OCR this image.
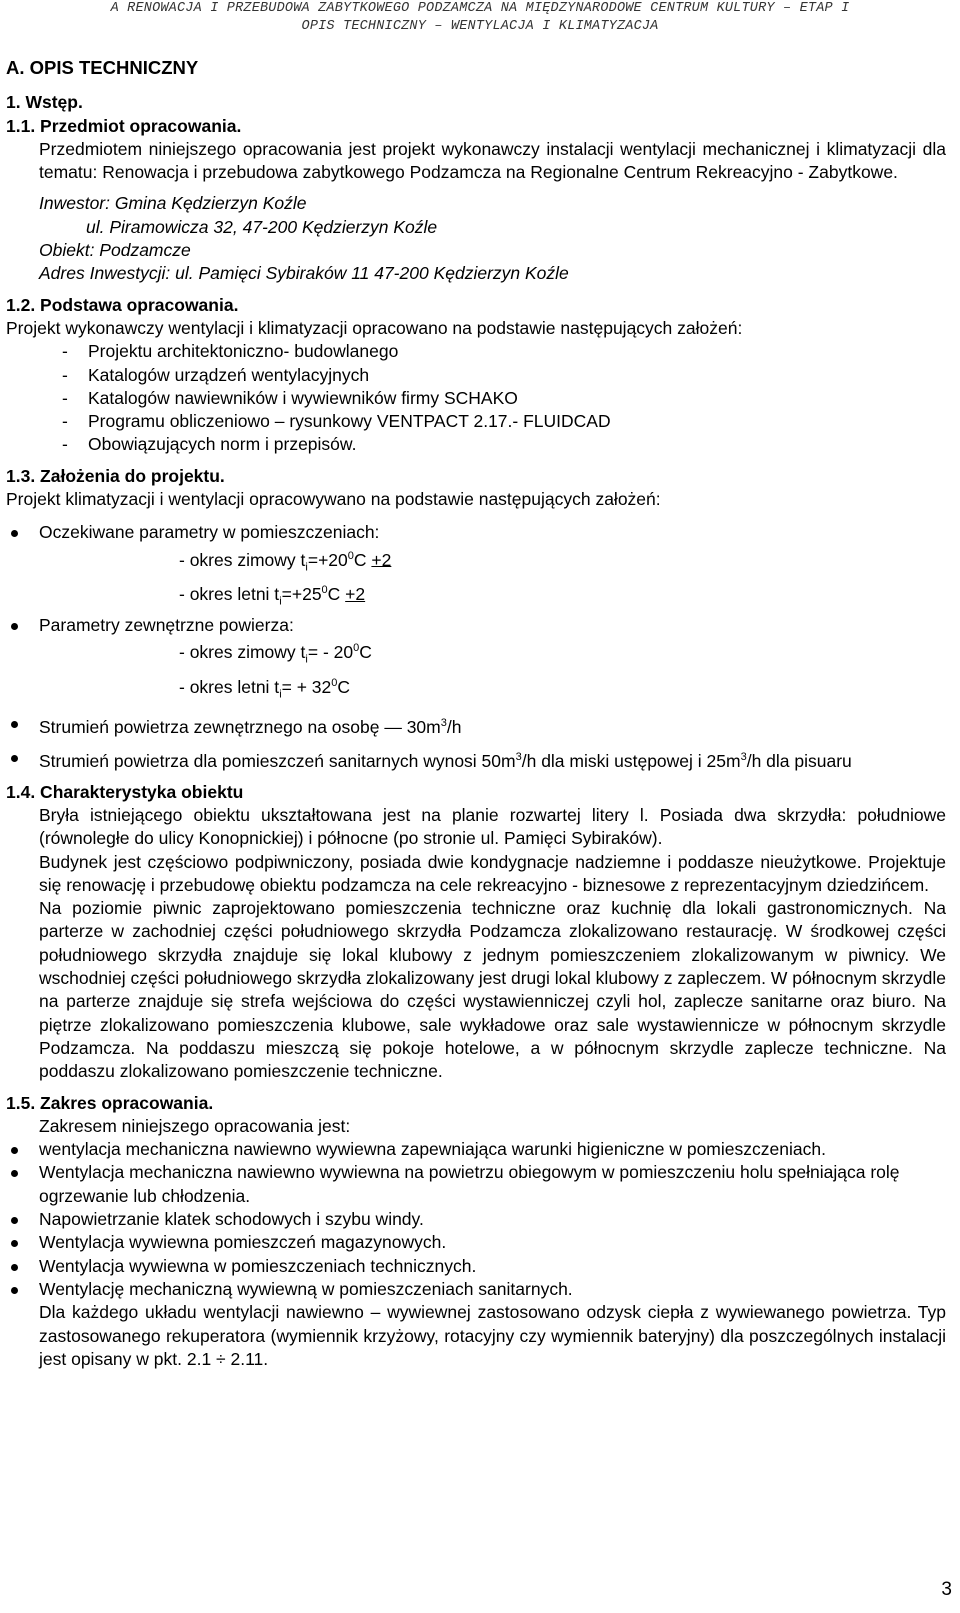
A RENOWACJA I PRZEBUDOWA ZABYTKOWEGO PODZAMCZA NA MIĘDZYNARODOWE CENTRUM KULTURY – ETAP I
OPIS TECHNICZNY – WENTYLACJA I KLIMATYZACJA
A. OPIS TECHNICZNY
1. Wstęp.
1.1. Przedmiot opracowania.

Przedmiotem niniejszego opracowania jest projekt wykonawczy instalacji wentylacji mechanicznej i klimatyzacji dla tematu: Renowacja i przebudowa zabytkowego Podzamcza na Regionalne Centrum Rekreacyjno - Zabytkowe.

Inwestor: Gmina Kędzierzyn Koźle
ul. Piramowicza 32, 47-200 Kędzierzyn Koźle
Obiekt: Podzamcze
Adres Inwestycji: ul. Pamięci Sybiraków 11 47-200 Kędzierzyn Koźle
1.2. Podstawa opracowania.
Projekt wykonawczy wentylacji i klimatyzacji opracowano na podstawie następujących założeń:
- Projektu architektoniczno- budowlanego
- Katalogów urządzeń wentylacyjnych
- Katalogów nawiewników i wywiewników firmy SCHAKO
- Programu obliczeniowo – rysunkowy VENTPACT 2.17.- FLUIDCAD
- Obowiązujących norm i przepisów.
1.3. Założenia do projektu.
Projekt klimatyzacji i wentylacji opracowywano na podstawie następujących założeń:
Oczekiwane parametry w pomieszczeniach:
- okres zimowy $t_i=+20^0C +2$
- okres letni $t_i=+25^0C +2$
Parametry zewnętrzne powierza:
- okres zimowy $t_i= - 20^0C$
- okres letni $t_i= + 32^0C$
Strumień powietrza zewnętrznego na osobę — $30m^3/h$
Strumień powietrza dla pomieszczeń sanitarnych wynosi $50m^3/h$ dla miski ustępowej i $25m^3/h$ dla pisuaru
1.4. Charakterystyka obiektu

Bryła istniejącego obiektu ukształtowana jest na planie rozwartej litery l. Posiada dwa skrzydła: południowe (równoległe do ulicy Konopnickiej) i północne (po stronie ul. Pamięci Sybiraków).

Budynek jest częściowo podpiwniczony, posiada dwie kondygnacje nadziemne i poddasze nieużytkowe. Projektuje się renowację i przebudowę obiektu podzamcza na cele rekreacyjno - biznesowe z reprezentacyjnym dziedzińcem.

Na poziomie piwnic zaprojektowano pomieszczenia techniczne oraz kuchnię dla lokali gastronomicznych. Na parterze w zachodniej części południowego skrzydła Podzamcza zlokalizowano restaurację. W środkowej części południowego skrzydła znajduje się lokal klubowy z jednym pomieszczeniem zlokalizowanym w piwnicy. We wschodniej części południowego skrzydła zlokalizowany jest drugi lokal klubowy z zapleczem. W północnym skrzydle na parterze znajduje się strefa wejściowa do części wystawienniczej czyli hol, zaplecze sanitarne oraz biuro. Na piętrze zlokalizowano pomieszczenia klubowe, sale wykładowe oraz sale wystawiennicze w północnym skrzydle Podzamcza. Na poddaszu mieszczą się pokoje hotelowe, a w północnym skrzydle zaplecze techniczne. Na poddaszu zlokalizowano pomieszczenie techniczne.

1.5. Zakres opracowania.
Zakresem niniejszego opracowania jest:
wentylacja mechaniczna nawiewno wywiewna zapewniająca warunki higieniczne w pomieszczeniach.
Wentylacja mechaniczna nawiewno wywiewna na powietrzu obiegowym w pomieszczeniu holu spełniająca rolę ogrzewanie lub chłodzenia.
Napowietrzanie klatek schodowych i szybu windy.
Wentylacja wywiewna pomieszczeń magazynowych.
Wentylacja wywiewna w pomieszczeniach technicznych.
Wentylację mechaniczną wywiewną w pomieszczeniach sanitarnych.

Dla każdego układu wentylacji nawiewno – wywiewnej zastosowano odzysk ciepła z wywiewanego powietrza. Typ zastosowanego rekuperatora (wymiennik krzyżowy, rotacyjny czy wymiennik bateryjny) dla poszczególnych instalacji jest opisany w pkt. 2.1 ÷ 2.11.

3
